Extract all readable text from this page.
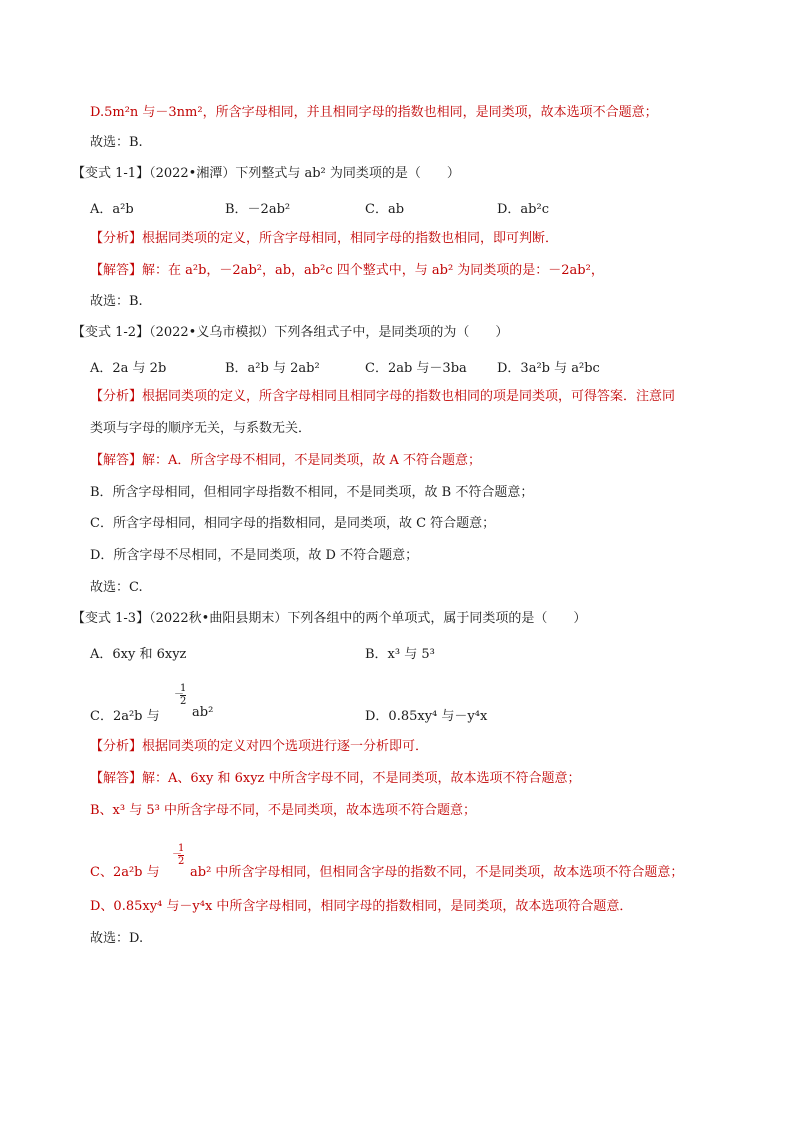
D.5m²n 与－3nm²，所含字母相同，并且相同字母的指数也相同，是同类项，故本选项不合题意；
故选：B.
【变式 1-1】（2022•湘潭）下列整式与 ab² 为同类项的是（　　）
A．a²b	B．－2ab²	C．ab	D．ab²c
【分析】根据同类项的定义，所含字母相同，相同字母的指数也相同，即可判断．
【解答】解：在 a²b，－2ab²，ab，ab²c 四个整式中，与 ab² 为同类项的是：－2ab²，
故选：B.
【变式 1-2】（2022•义乌市模拟）下列各组式子中，是同类项的为（　　）
A．2a 与 2b	B．a²b 与 2ab²	C．2ab 与－3ba D．3a²b 与 a²bc
【分析】根据同类项的定义，所含字母相同且相同字母的指数也相同的项是同类项，可得答案．注意同
类项与字母的顺序无关，与系数无关．
【解答】解：A．所含字母不相同，不是同类项，故 A 不符合题意；
B．所含字母相同，但相同字母指数不相同，不是同类项，故 B 不符合题意；
C．所含字母相同，相同字母的指数相同，是同类项，故 C 符合题意；
D．所含字母不尽相同，不是同类项，故 D 不符合题意；
故选：C.
【变式 1-3】（2022秋•曲阳县期末）下列各组中的两个单项式，属于同类项的是（　　）
A．6xy 和 6xyz	B．x³ 与 5³
C．2a²b 与
－
1
2
ab²	D．0.85xy⁴ 与－y⁴x
【分析】根据同类项的定义对四个选项进行逐一分析即可．
【解答】解：A、6xy 和 6xyz 中所含字母不同，不是同类项，故本选项不符合题意；
B、x³ 与 5³ 中所含字母不同，不是同类项，故本选项不符合题意；
C、2a²b 与
－
1
2
ab² 中所含字母相同，但相同含字母的指数不同，不是同类项，故本选项不符合题意；
D、0.85xy⁴ 与－y⁴x 中所含字母相同，相同字母的指数相同，是同类项，故本选项符合题意．
故选：D.
